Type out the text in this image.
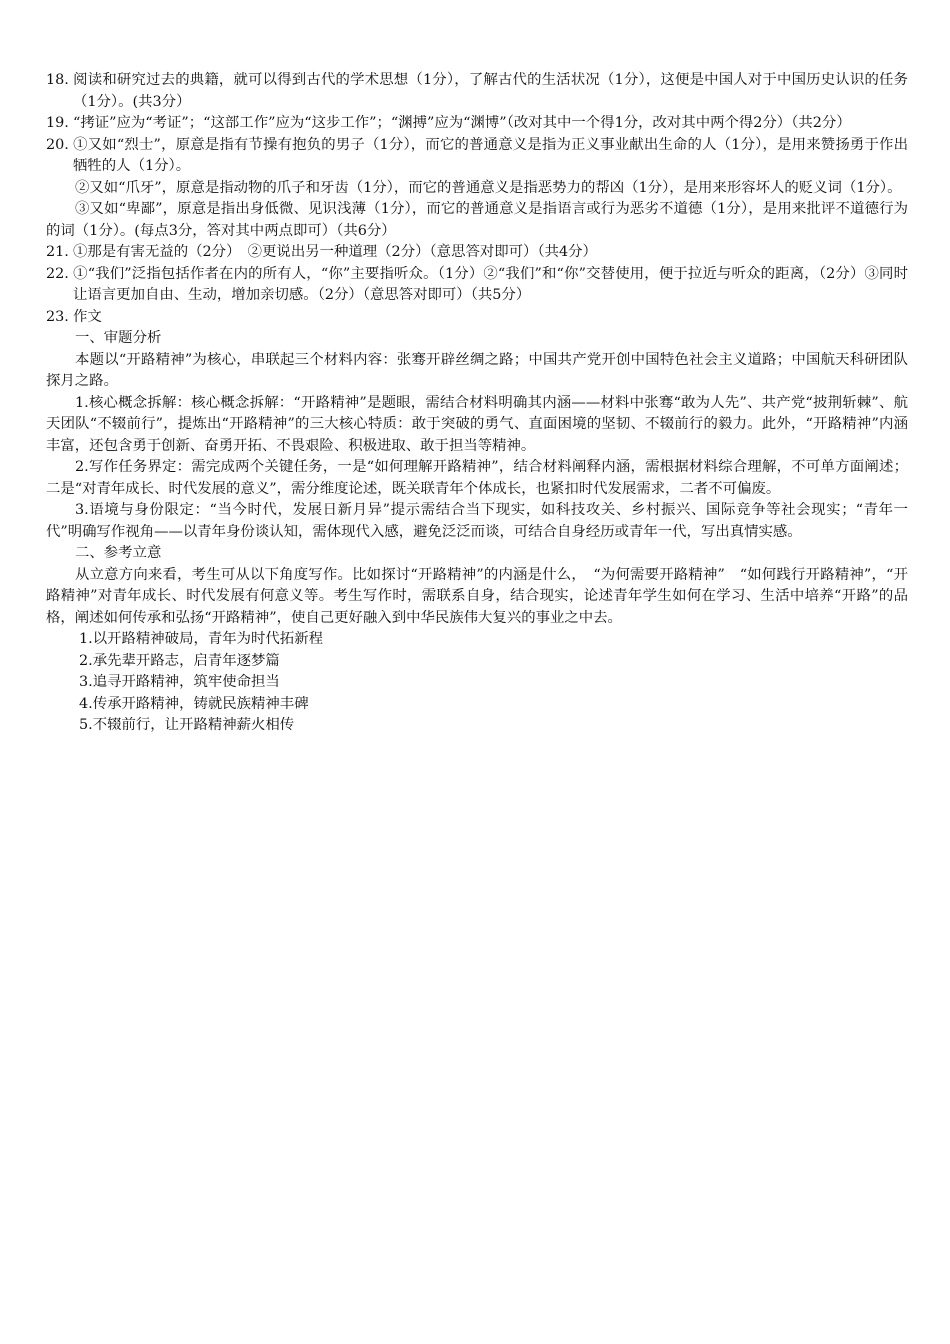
18. 阅读和研究过去的典籍，就可以得到古代的学术思想（1分），了解古代的生活状况（1分），这便是中国人对于中国历史认识的任务（1分）。(共3分）

19. “拷证”应为“考证”；“这部工作”应为“这步工作”；“渊搏”应为“渊博”（改对其中一个得1分，改对其中两个得2分）（共2分）

20. ①又如“烈士”，原意是指有节操有抱负的男子（1分），而它的普通意义是指为正义事业献出生命的人（1分），是用来赞扬勇于作出牺牲的人（1分）。

②又如“爪牙”，原意是指动物的爪子和牙齿（1分），而它的普通意义是指恶势力的帮凶（1分），是用来形容坏人的贬义词（1分）。

③又如“卑鄙”，原意是指出身低微、见识浅薄（1分），而它的普通意义是指语言或行为恶劣不道德（1分），是用来批评不道德行为的词（1分）。(每点3分，答对其中两点即可）（共6分）

21. ①那是有害无益的（2分）　②更说出另一种道理（2分）（意思答对即可）（共4分）

22. ①“我们”泛指包括作者在内的所有人，“你”主要指听众。（1分）②“我们”和“你”交替使用，便于拉近与听众的距离，（2分）③同时让语言更加自由、生动，增加亲切感。（2分）（意思答对即可）（共5分）

23. 作文

一、审题分析

本题以“开路精神”为核心，串联起三个材料内容：张骞开辟丝绸之路；中国共产党开创中国特色社会主义道路；中国航天科研团队探月之路。

1.核心概念拆解：核心概念拆解：“开路精神”是题眼，需结合材料明确其内涵——材料中张骞“敢为人先”、共产党“披荆斩棘”、航天团队“不辍前行”，提炼出“开路精神”的三大核心特质：敢于突破的勇气、直面困境的坚韧、不辍前行的毅力。此外，“开路精神”内涵丰富，还包含勇于创新、奋勇开拓、不畏艰险、积极进取、敢于担当等精神。

2.写作任务界定：需完成两个关键任务，一是“如何理解开路精神”，结合材料阐释内涵，需根据材料综合理解，不可单方面阐述；二是“对青年成长、时代发展的意义”，需分维度论述，既关联青年个体成长，也紧扣时代发展需求，二者不可偏废。

3.语境与身份限定：“当今时代，发展日新月异”提示需结合当下现实，如科技攻关、乡村振兴、国际竞争等社会现实；“青年一代”明确写作视角——以青年身份谈认知，需体现代入感，避免泛泛而谈，可结合自身经历或青年一代，写出真情实感。

二、参考立意

从立意方向来看，考生可从以下角度写作。比如探讨“开路精神”的内涵是什么，　“为何需要开路精神”　“如何践行开路精神”，“开路精神”对青年成长、时代发展有何意义等。考生写作时，需联系自身，结合现实，论述青年学生如何在学习、生活中培养“开路”的品格，阐述如何传承和弘扬“开路精神”，使自己更好融入到中华民族伟大复兴的事业之中去。

1.以开路精神破局，青年为时代拓新程

2.承先辈开路志，启青年逐梦篇

3.追寻开路精神，筑牢使命担当

4.传承开路精神，铸就民族精神丰碑

5.不辍前行，让开路精神薪火相传
